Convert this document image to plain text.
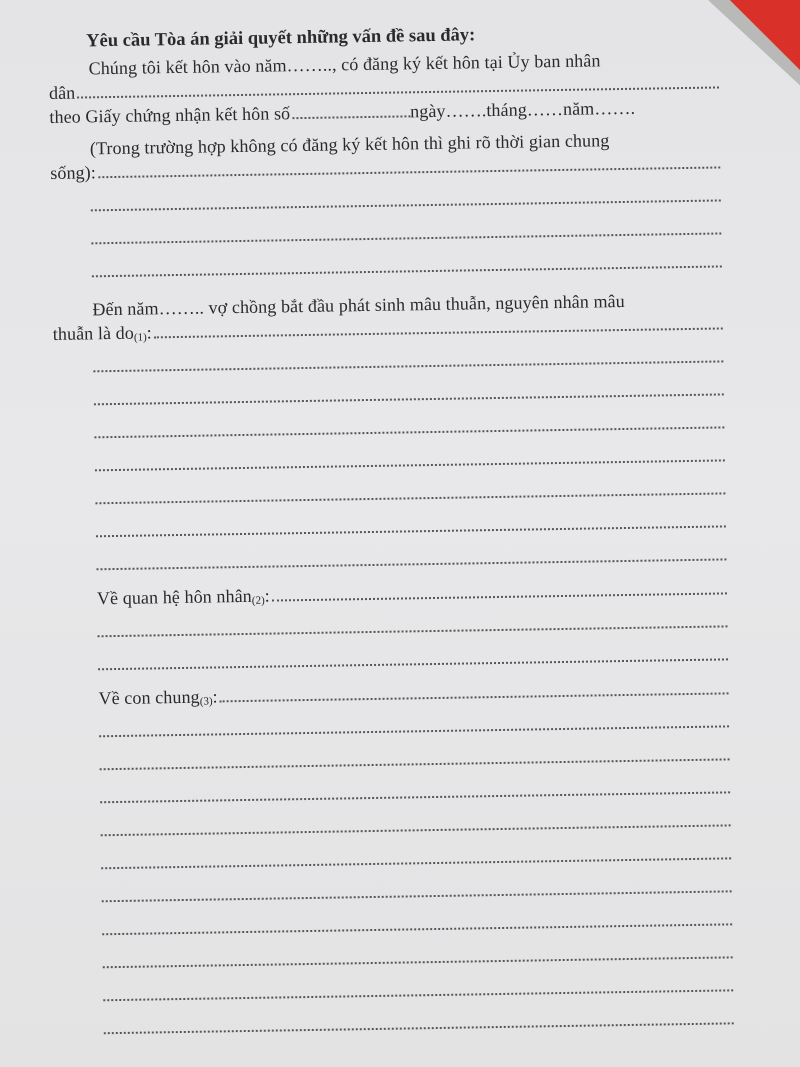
Yêu cầu Tòa án giải quyết những vấn đề sau đây:
Chúng tôi kết hôn vào năm…….., có đăng ký kết hôn tại Ủy ban nhân
dân
theo Giấy chứng nhận kết hôn số	ngày…….tháng……năm…….
(Trong trường hợp không có đăng ký kết hôn thì ghi rõ thời gian chung
sống):
Đến năm…….. vợ chồng bắt đầu phát sinh mâu thuẫn, nguyên nhân mâu
thuẫn là $do_{(1)}$ :
Về quan hệ hôn nhân (2) :
Về con chung$_{(3)}$ :
